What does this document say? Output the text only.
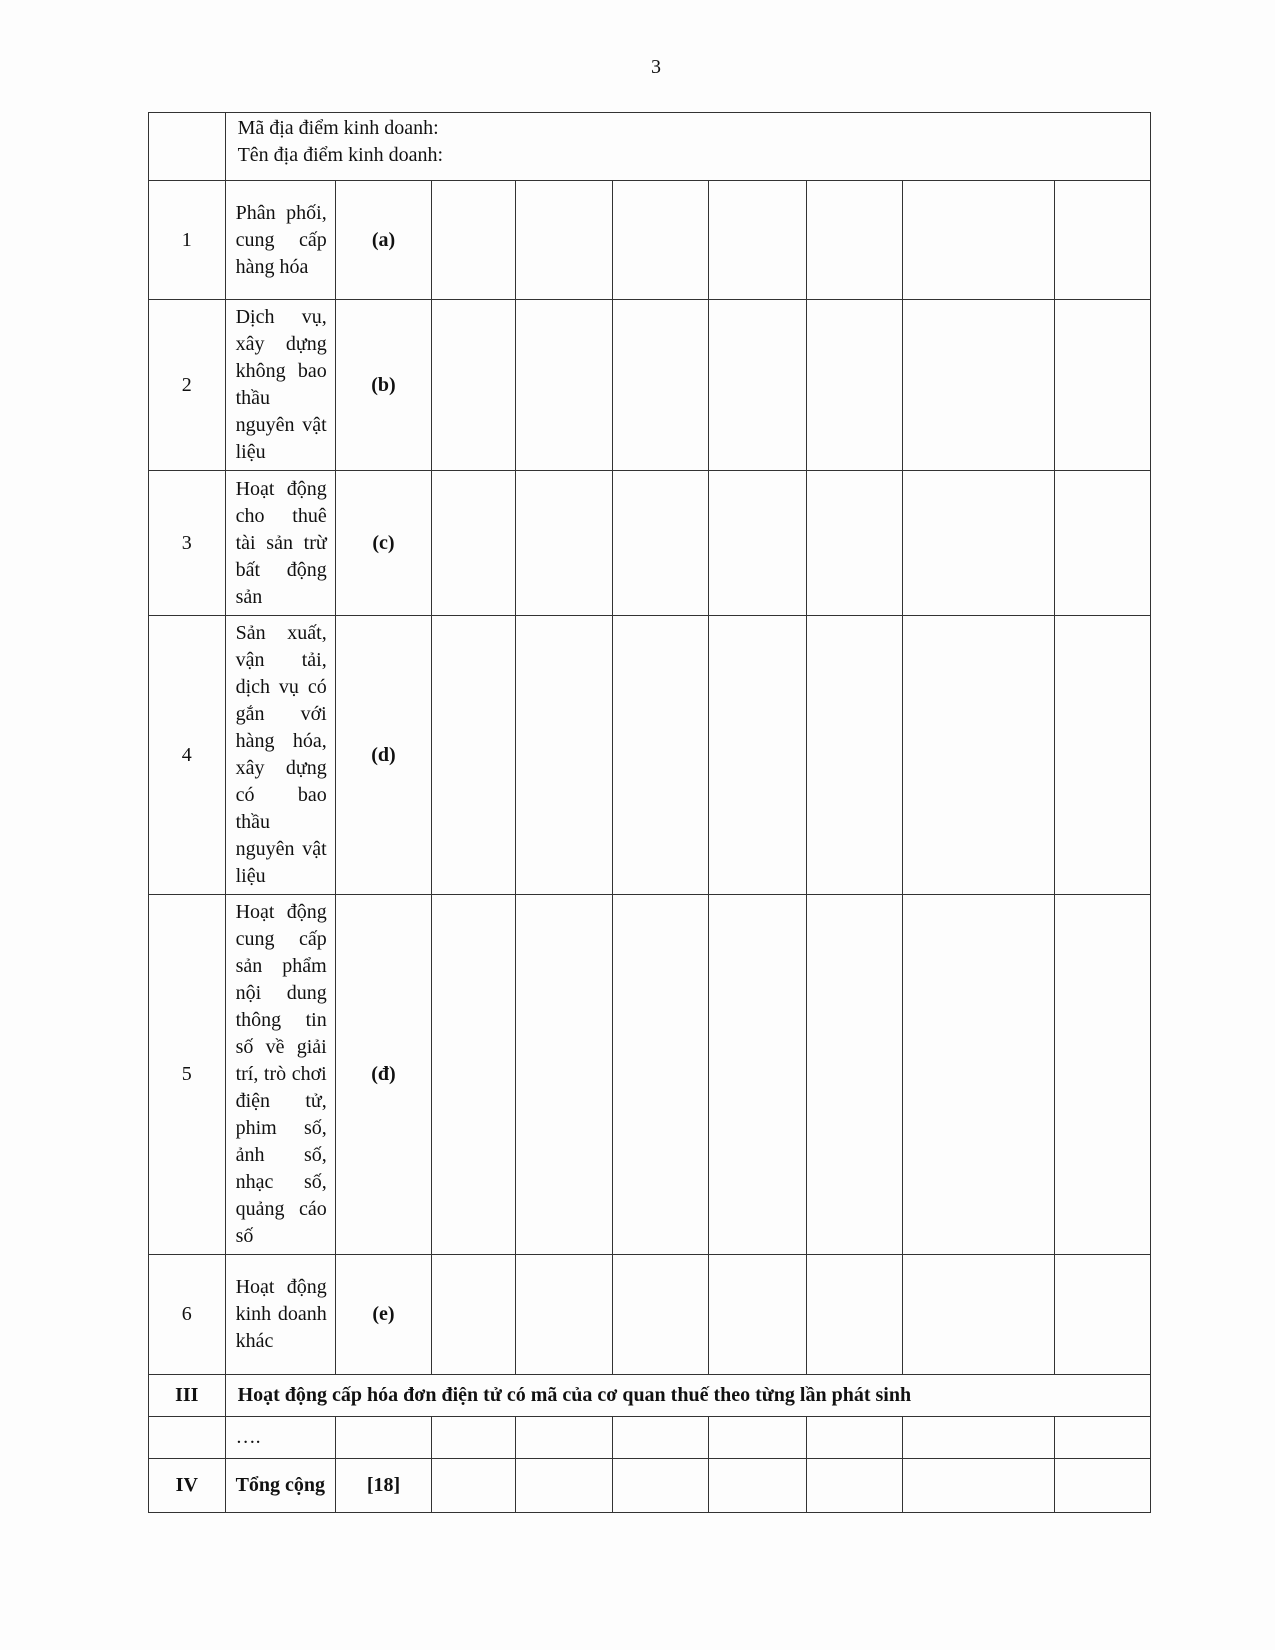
3

	Mã địa điểm kinh doanh:
Tên địa điểm kinh doanh:								

1	Phân phối, cung cấp hàng hóa	(a)							
2	Dịch vụ, xây dựng không bao thầu nguyên vật liệu	(b)							
3	Hoạt động cho thuê tài sản trừ bất động sản	(c)							
4	Sản xuất, vận tải, dịch vụ có gắn với hàng hóa, xây dựng có bao thầu nguyên vật liệu	(d)							
5	Hoạt động cung cấp sản phẩm nội dung thông tin số về giải trí, trò chơi điện tử, phim số, ảnh số, nhạc số, quảng cáo số	(đ)							
6	Hoạt động kinh doanh khác	(e)							
III	Hoạt động cấp hóa đơn điện tử có mã của cơ quan thuế theo từng lần phát sinh								
	….								
IV	Tổng cộng	[18]							
